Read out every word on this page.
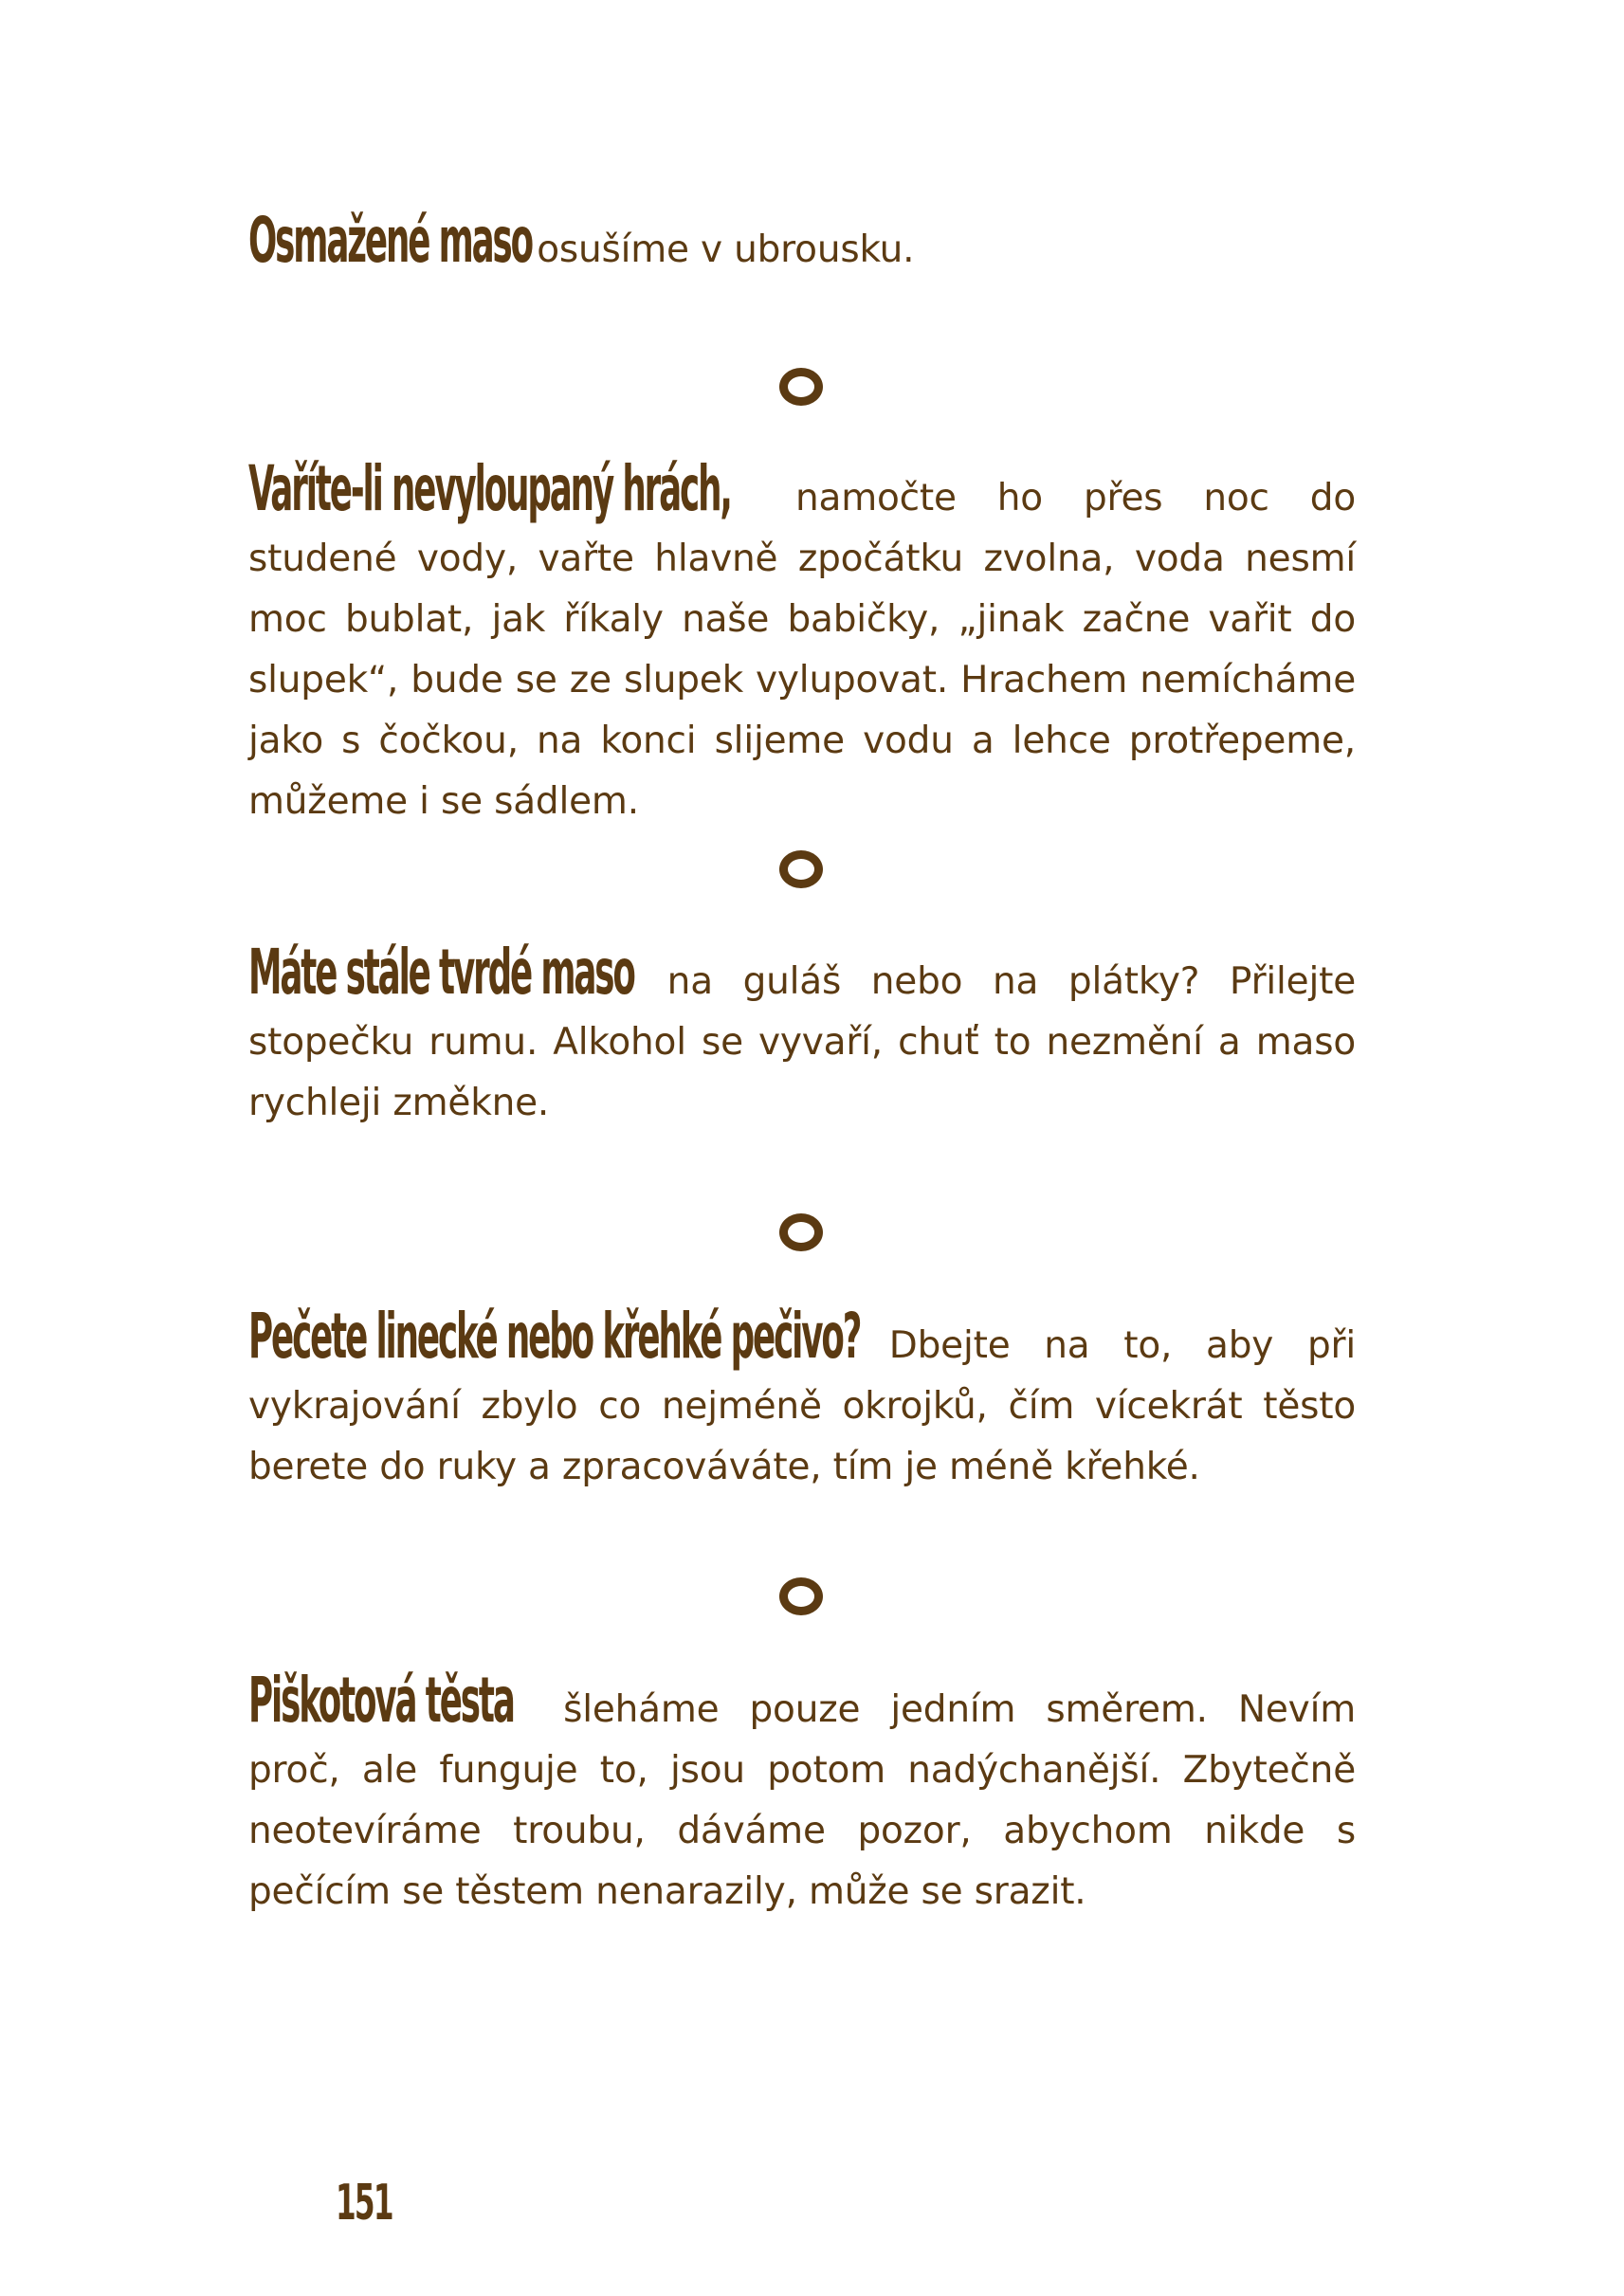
Osmažené maso osušíme v ubrousku.

Vaříte-li nevyloupaný hrách, namočte ho přes noc do studené vody, vařte hlavně zpočátku zvolna, voda nesmí moc bublat, jak říkaly naše babičky, „jinak začne vařit do slupek“, bude se ze slupek vylupovat. Hrachem nemícháme jako s čočkou, na konci slijeme vodu a lehce protřepeme, můžeme i se sádlem.

Máte stále tvrdé maso na guláš nebo na plátky? Přilejte stopečku rumu. Alkohol se vyvaří, chuť to nezmění a maso rychleji změkne.

Pečete linecké nebo křehké pečivo? Dbejte na to, aby při vykrajování zbylo co nejméně okrojků, čím vícekrát těsto berete do ruky a zpracováváte, tím je méně křehké.

Piškotová těsta šleháme pouze jedním směrem. Nevím proč, ale funguje to, jsou potom nadýchanější. Zbytečně neotevíráme troubu, dáváme pozor, abychom nikde s pečícím se těstem nenarazily, může se srazit.

151
